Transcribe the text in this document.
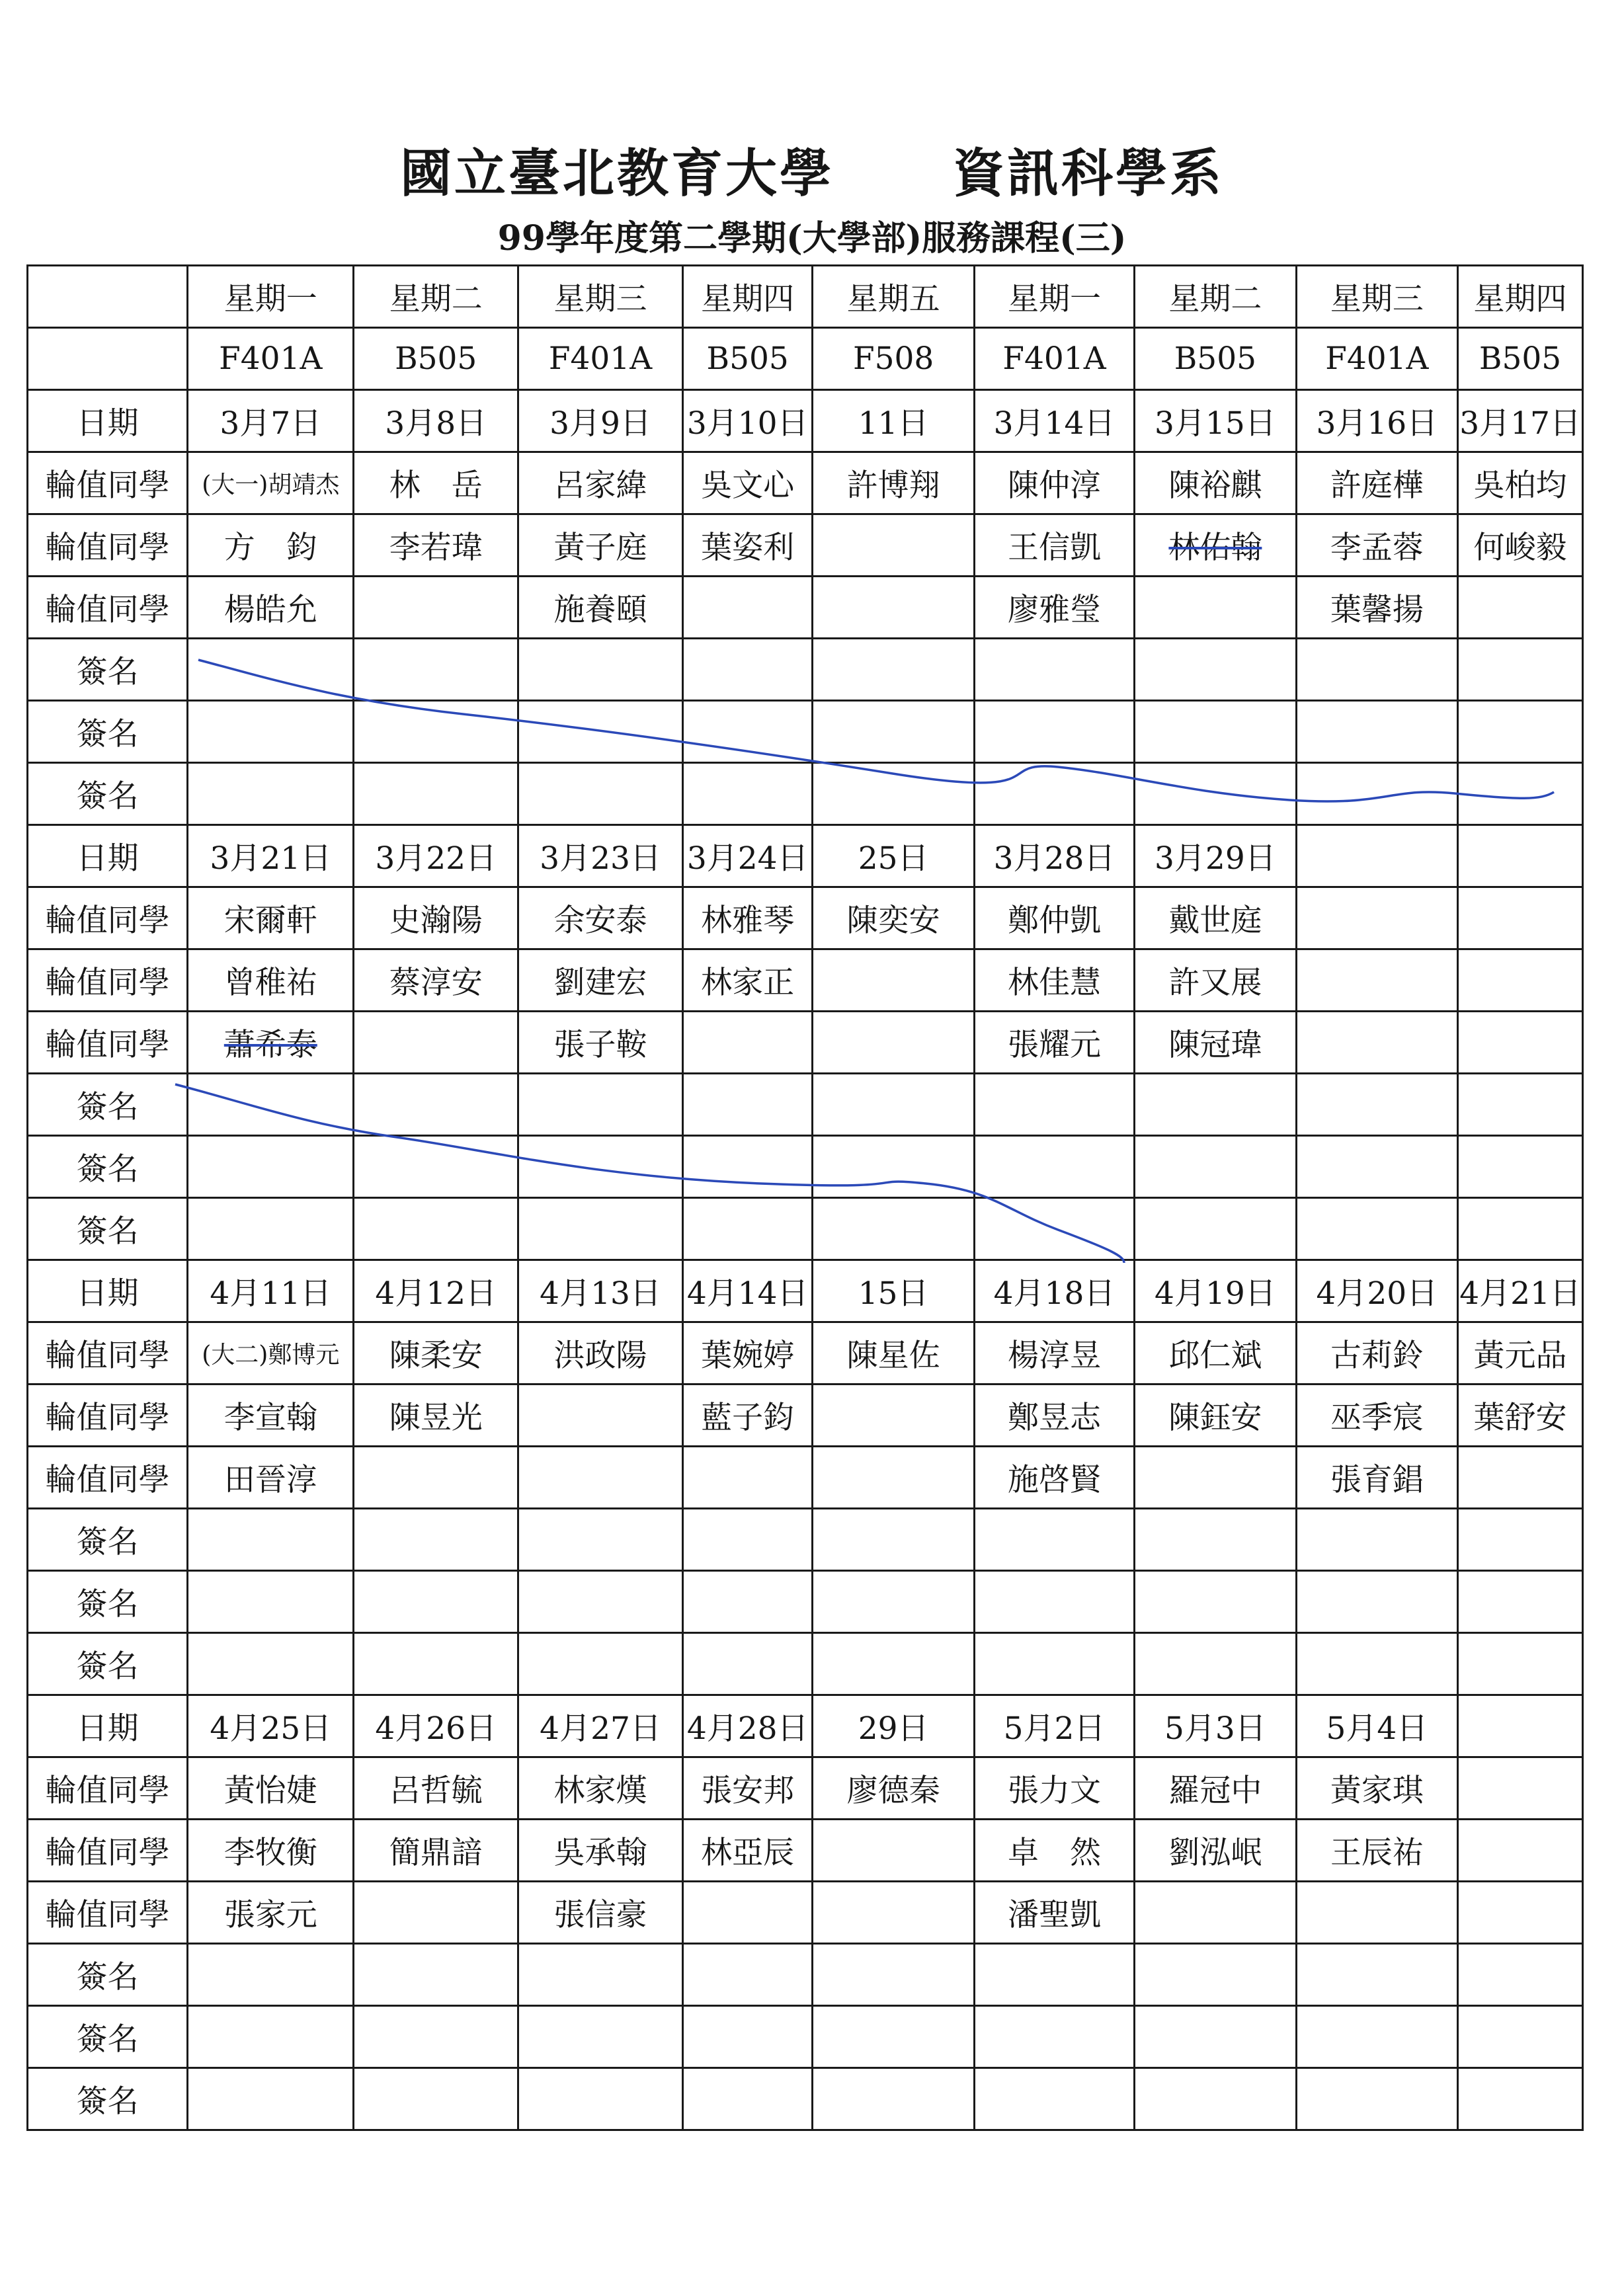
國立臺北教育大學 資訊科學系
99學年度第二學期(大學部)服務課程(三)
	星期一	星期二	星期三	星期四	星期五	星期一	星期二	星期三	星期四	
	F401A	B505	F401A	B505	F508	F401A	B505	F401A	B505	
日期	3月7日	3月8日	3月9日	3月10日	11日	3月14日	3月15日	3月16日	3月17日	
輪值同學	(大一)胡靖杰	林　岳	呂家緯	吳文心	許博翔	陳仲淳	陳裕麒	許庭樺	吳柏均	
輪值同學	方　鈞	李若瑋	黃子庭	葉姿利		王信凱	林佑翰	李孟蓉	何峻毅	
輪值同學	楊皓允		施養頤			廖雅瑩		葉馨揚		
簽名										
簽名										
簽名										
日期	3月21日	3月22日	3月23日	3月24日	25日	3月28日	3月29日			
輪值同學	宋爾軒	史瀚陽	余安泰	林雅琴	陳奕安	鄭仲凱	戴世庭			
輪值同學	曾稚祐	蔡淳安	劉建宏	林家正		林佳慧	許又展			
輪值同學	蕭希泰		張子鞍			張耀元	陳冠瑋			
簽名										
簽名										
簽名										
日期	4月11日	4月12日	4月13日	4月14日	15日	4月18日	4月19日	4月20日	4月21日	
輪值同學	(大二)鄭博元	陳柔安	洪政陽	葉婉婷	陳星佐	楊淳昱	邱仁斌	古莉鈴	黃元品	
輪值同學	李宣翰	陳昱光		藍子鈞		鄭昱志	陳鈺安	巫季宸	葉舒安	
輪值同學	田晉淳					施啓賢		張育錩		
簽名										
簽名										
簽名										
日期	4月25日	4月26日	4月27日	4月28日	29日	5月2日	5月3日	5月4日		
輪值同學	黃怡婕	呂哲毓	林家熯	張安邦	廖德秦	張力文	羅冠中	黃家琪		
輪值同學	李牧衡	簡鼎諳	吳承翰	林亞辰		卓　然	劉泓岷	王辰祐		
輪值同學	張家元		張信豪			潘聖凱				
簽名										
簽名										
簽名										
